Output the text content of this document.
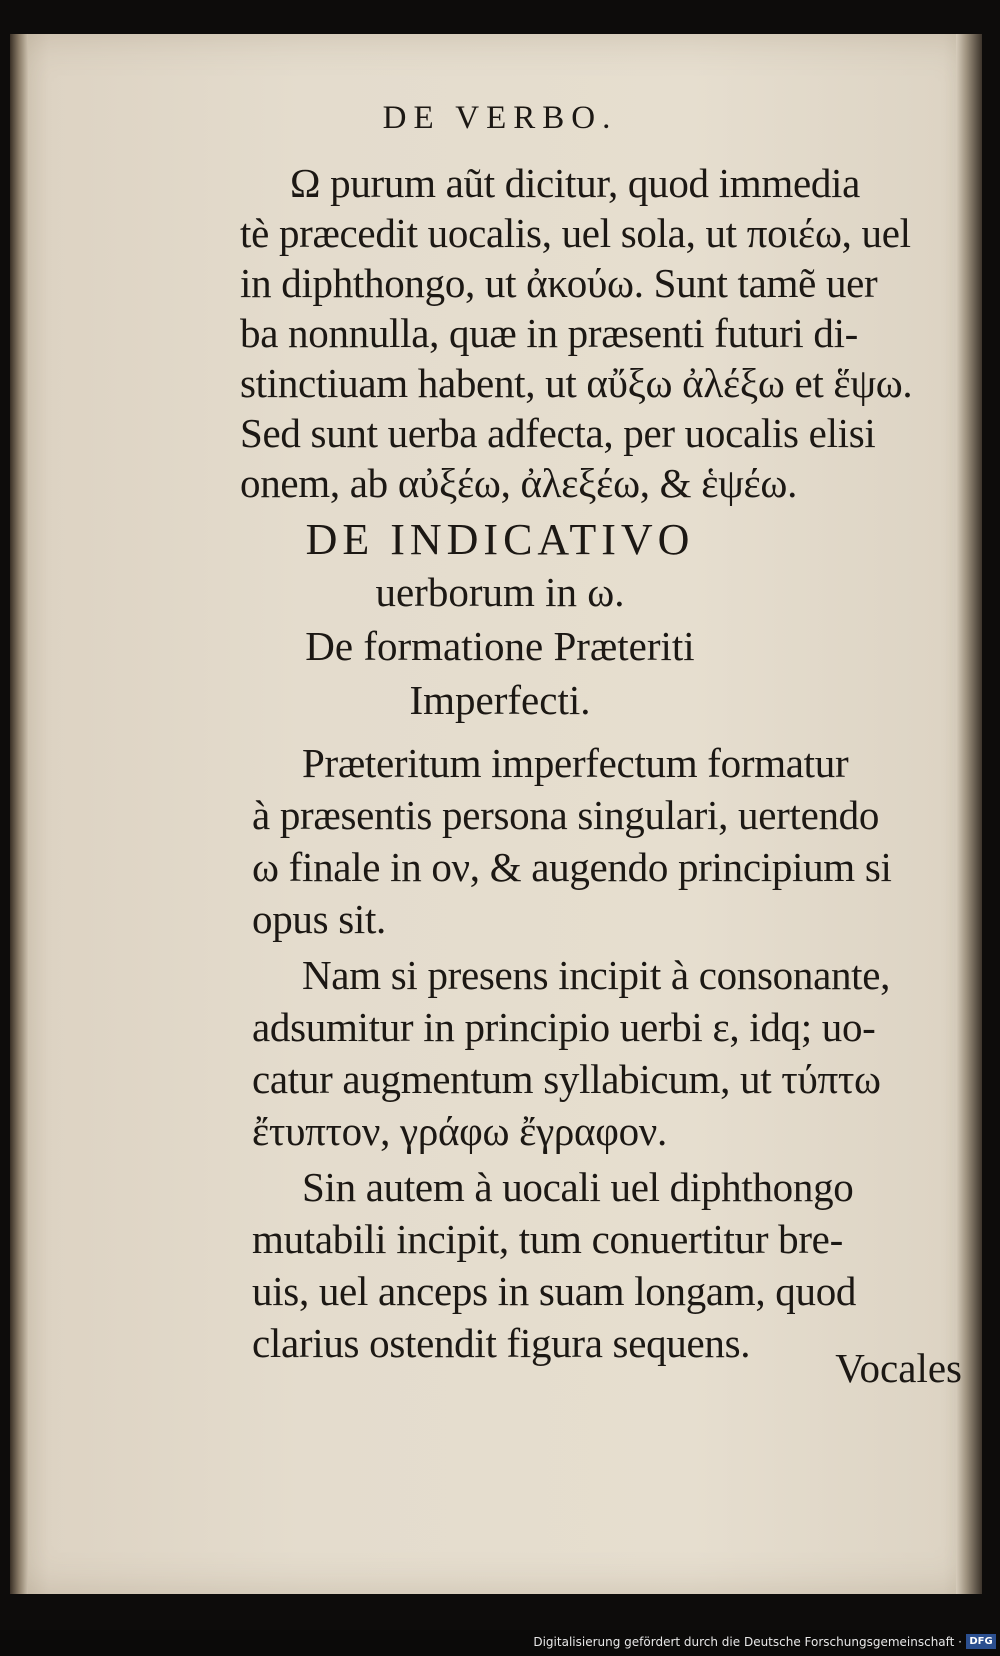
DE VERBO.
Ω purum aũt dicitur, quod immedia
tè præcedit uocalis, uel sola, ut ποιέω, uel
in diphthongo, ut ἀκούω. Sunt tamẽ uer
ba nonnulla, quæ in præsenti futuri di-
stinctiuam habent, ut αὔξω ἀλέξω et ἕψω.
Sed sunt uerba adfecta, per uocalis elisi
onem, ab αὐξέω, ἀλεξέω, & ἑψέω.
DE INDICATIVO
uerborum in ω.
De formatione Præteriti
Imperfecti.
Præteritum imperfectum formatur
à præsentis persona singulari, uertendo
ω finale in ον, & augendo principium si
opus sit.
Nam si presens incipit à consonante,
adsumitur in principio uerbi ε, idq; uo-
catur augmentum syllabicum, ut τύπτω
ἔτυπτον, γράφω ἔγραφον.
Sin autem à uocali uel diphthongo
mutabili incipit, tum conuertitur bre-
uis, uel anceps in suam longam, quod
clarius ostendit figura sequens.
Vocales
Digitalisierung gefördert durch die Deutsche Forschungsgemeinschaft · DFG
